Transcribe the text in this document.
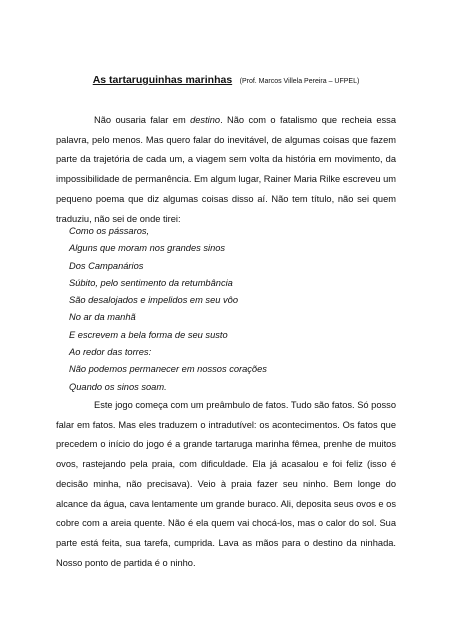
As tartaruguinhas marinhas (Prof. Marcos Villela Pereira – UFPEL)

Não ousaria falar em destino. Não com o fatalismo que recheia essa palavra, pelo menos. Mas quero falar do inevitável, de algumas coisas que fazem parte da trajetória de cada um, a viagem sem volta da história em movimento, da impossibilidade de permanência. Em algum lugar, Rainer Maria Rilke escreveu um pequeno poema que diz algumas coisas disso aí. Não tem título, não sei quem traduziu, não sei de onde tirei:

Como os pássaros,
Alguns que moram nos grandes sinos
Dos Campanários
Súbito, pelo sentimento da retumbância
São desalojados e impelidos em seu vôo
No ar da manhã
E escrevem a bela forma de seu susto
Ao redor das torres:
Não podemos permanecer em nossos corações
Quando os sinos soam.

Este jogo começa com um preâmbulo de fatos. Tudo são fatos. Só posso falar em fatos. Mas eles traduzem o intradutível: os acontecimentos. Os fatos que precedem o início do jogo é a grande tartaruga marinha fêmea, prenhe de muitos ovos, rastejando pela praia, com dificuldade. Ela já acasalou e foi feliz (isso é decisão minha, não precisava). Veio à praia fazer seu ninho. Bem longe do alcance da água, cava lentamente um grande buraco. Ali, deposita seus ovos e os cobre com a areia quente. Não é ela quem vai chocá-los, mas o calor do sol. Sua parte está feita, sua tarefa, cumprida. Lava as mãos para o destino da ninhada. Nosso ponto de partida é o ninho.
